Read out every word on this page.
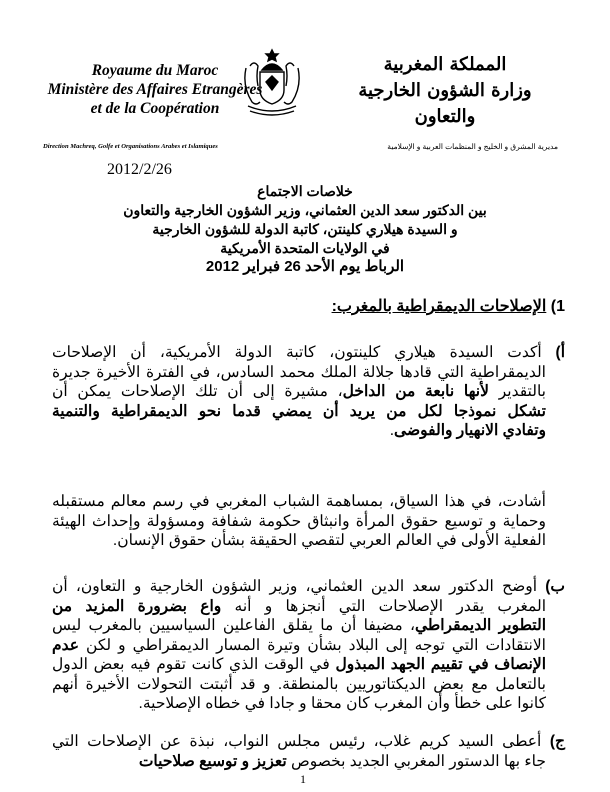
Royaume du Maroc
Ministère des Affaires Etrangères
et de la Coopération
المملكة المغربية
وزارة الشؤون الخارجية
والتعاون
Direction Machreq, Golfe et Organisations Arabes et Islamiques	مديرية المشرق و الخليج و المنظمات العربية و الإسلامية
2012/2/26
خلاصات الاجتماع
بين الدكتور سعد الدين العثماني، وزير الشؤون الخارجية والتعاون
و السيدة هيلاري كلينتن، كاتبة الدولة للشؤون الخارجية
في الولايات المتحدة الأمريكية
الرباط يوم الأحد 26 فبراير 2012
1) الإصلاحات الديمقراطية بالمغرب:
أ) أكدت السيدة هيلاري كلينتون، كاتبة الدولة الأمريكية، أن الإصلاحات
الديمقراطية التي قادها جلالة الملك محمد السادس، في الفترة الأخيرة جديرة
بالتقدير لأنها نابعة من الداخل، مشيرة إلى أن تلك الإصلاحات يمكن أن
تشكل نموذجا لكل من يريد أن يمضي قدما نحو الديمقراطية والتنمية
وتفادي الانهيار والفوضى.
أشادت، في هذا السياق، بمساهمة الشباب المغربي في رسم معالم مستقبله
وحماية و توسيع حقوق المرأة وانبثاق حكومة شفافة ومسؤولة وإحداث الهيئة
الفعلية الأولى في العالم العربي لتقصي الحقيقة بشأن حقوق الإنسان.
ب) أوضح الدكتور سعد الدين العثماني، وزير الشؤون الخارجية و التعاون، أن
المغرب يقدر الإصلاحات التي أنجزها و أنه واع بضرورة المزيد من
التطوير الديمقراطي، مضيفا أن ما يقلق الفاعلين السياسيين بالمغرب ليس
الانتقادات التي توجه إلى البلاد بشأن وتيرة المسار الديمقراطي و لكن عدم
الإنصاف في تقييم الجهد المبذول في الوقت الذي كانت تقوم فيه بعض الدول
بالتعامل مع بعض الديكتاتوريين بالمنطقة. و قد أثبتت التحولات الأخيرة أنهم
كانوا على خطأ وأن المغرب كان محقا و جادا في خطاه الإصلاحية.
ج) أعطى السيد كريم غلاب، رئيس مجلس النواب، نبذة عن الإصلاحات التي
جاء بها الدستور المغربي الجديد بخصوص تعزيز و توسيع صلاحيات
1
